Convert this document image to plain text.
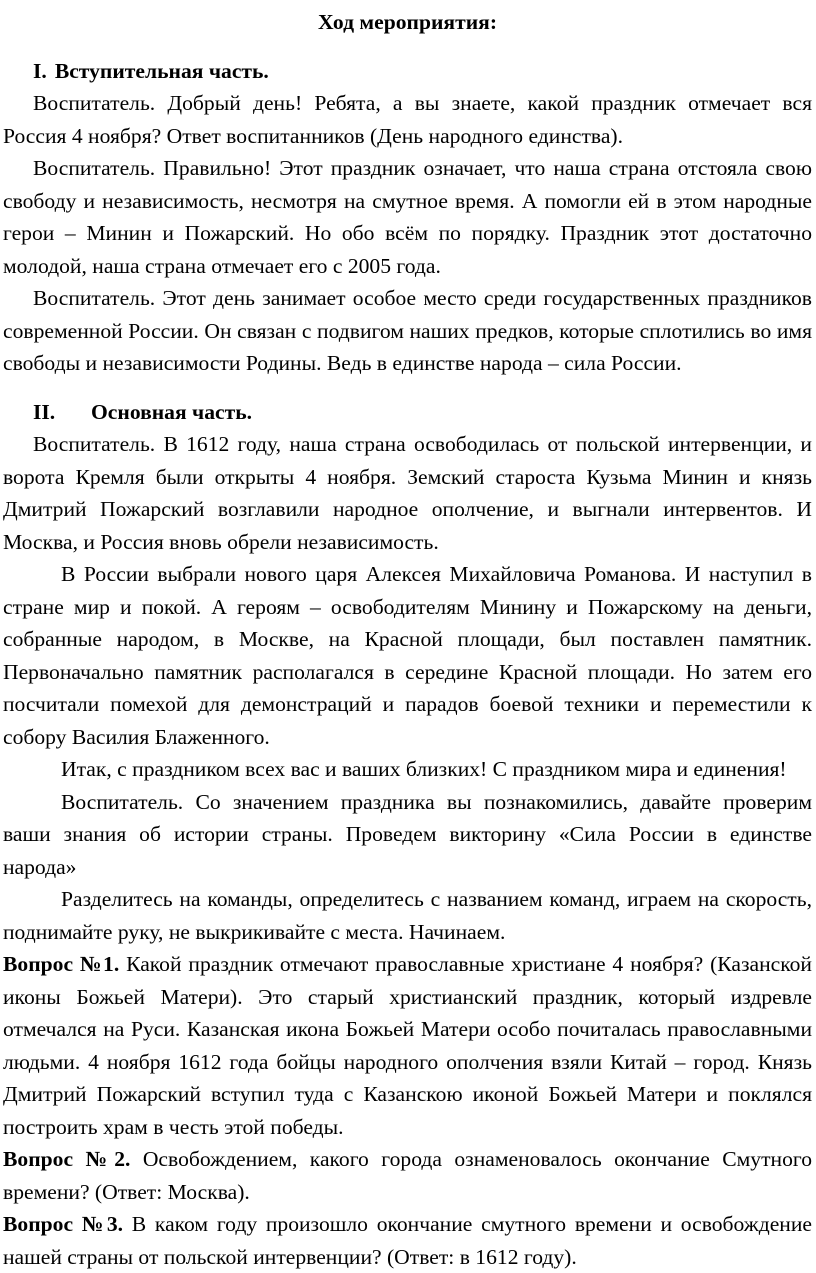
Ход мероприятия:
I. Вступительная часть.

Воспитатель. Добрый день! Ребята, а вы знаете, какой праздник отмечает вся Россия 4 ноября? Ответ воспитанников (День народного единства).

Воспитатель. Правильно! Этот праздник означает, что наша страна отстояла свою свободу и независимость, несмотря на смутное время. А помогли ей в этом народные герои – Минин и Пожарский. Но обо всём по порядку. Праздник этот достаточно молодой, наша страна отмечает его с 2005 года.

Воспитатель. Этот день занимает особое место среди государственных праздников современной России. Он связан с подвигом наших предков, которые сплотились во имя свободы и независимости Родины. Ведь в единстве народа – сила России.

II. Основная часть.

Воспитатель. В 1612 году, наша страна освободилась от польской интервенции, и ворота Кремля были открыты 4 ноября. Земский староста Кузьма Минин и князь Дмитрий Пожарский возглавили народное ополчение, и выгнали интервентов. И Москва, и Россия вновь обрели независимость.

В России выбрали нового царя Алексея Михайловича Романова. И наступил в стране мир и покой. А героям – освободителям Минину и Пожарскому на деньги, собранные народом, в Москве, на Красной площади, был поставлен памятник. Первоначально памятник располагался в середине Красной площади. Но затем его посчитали помехой для демонстраций и парадов боевой техники и переместили к собору Василия Блаженного.

Итак, с праздником всех вас и ваших близких! С праздником мира и единения!

Воспитатель. Со значением праздника вы познакомились, давайте проверим ваши знания об истории страны. Проведем викторину «Сила России в единстве народа»

Разделитесь на команды, определитесь с названием команд, играем на скорость, поднимайте руку, не выкрикивайте с места. Начинаем.

Вопрос №1. Какой праздник отмечают православные христиане 4 ноября? (Казанской иконы Божьей Матери). Это старый христианский праздник, который издревле отмечался на Руси. Казанская икона Божьей Матери особо почиталась православными людьми. 4 ноября 1612 года бойцы народного ополчения взяли Китай – город. Князь Дмитрий Пожарский вступил туда с Казанскою иконой Божьей Матери и поклялся построить храм в честь этой победы.

Вопрос №2. Освобождением, какого города ознаменовалось окончание Смутного времени? (Ответ: Москва).

Вопрос №3. В каком году произошло окончание смутного времени и освобождение нашей страны от польской интервенции? (Ответ: в 1612 году).
